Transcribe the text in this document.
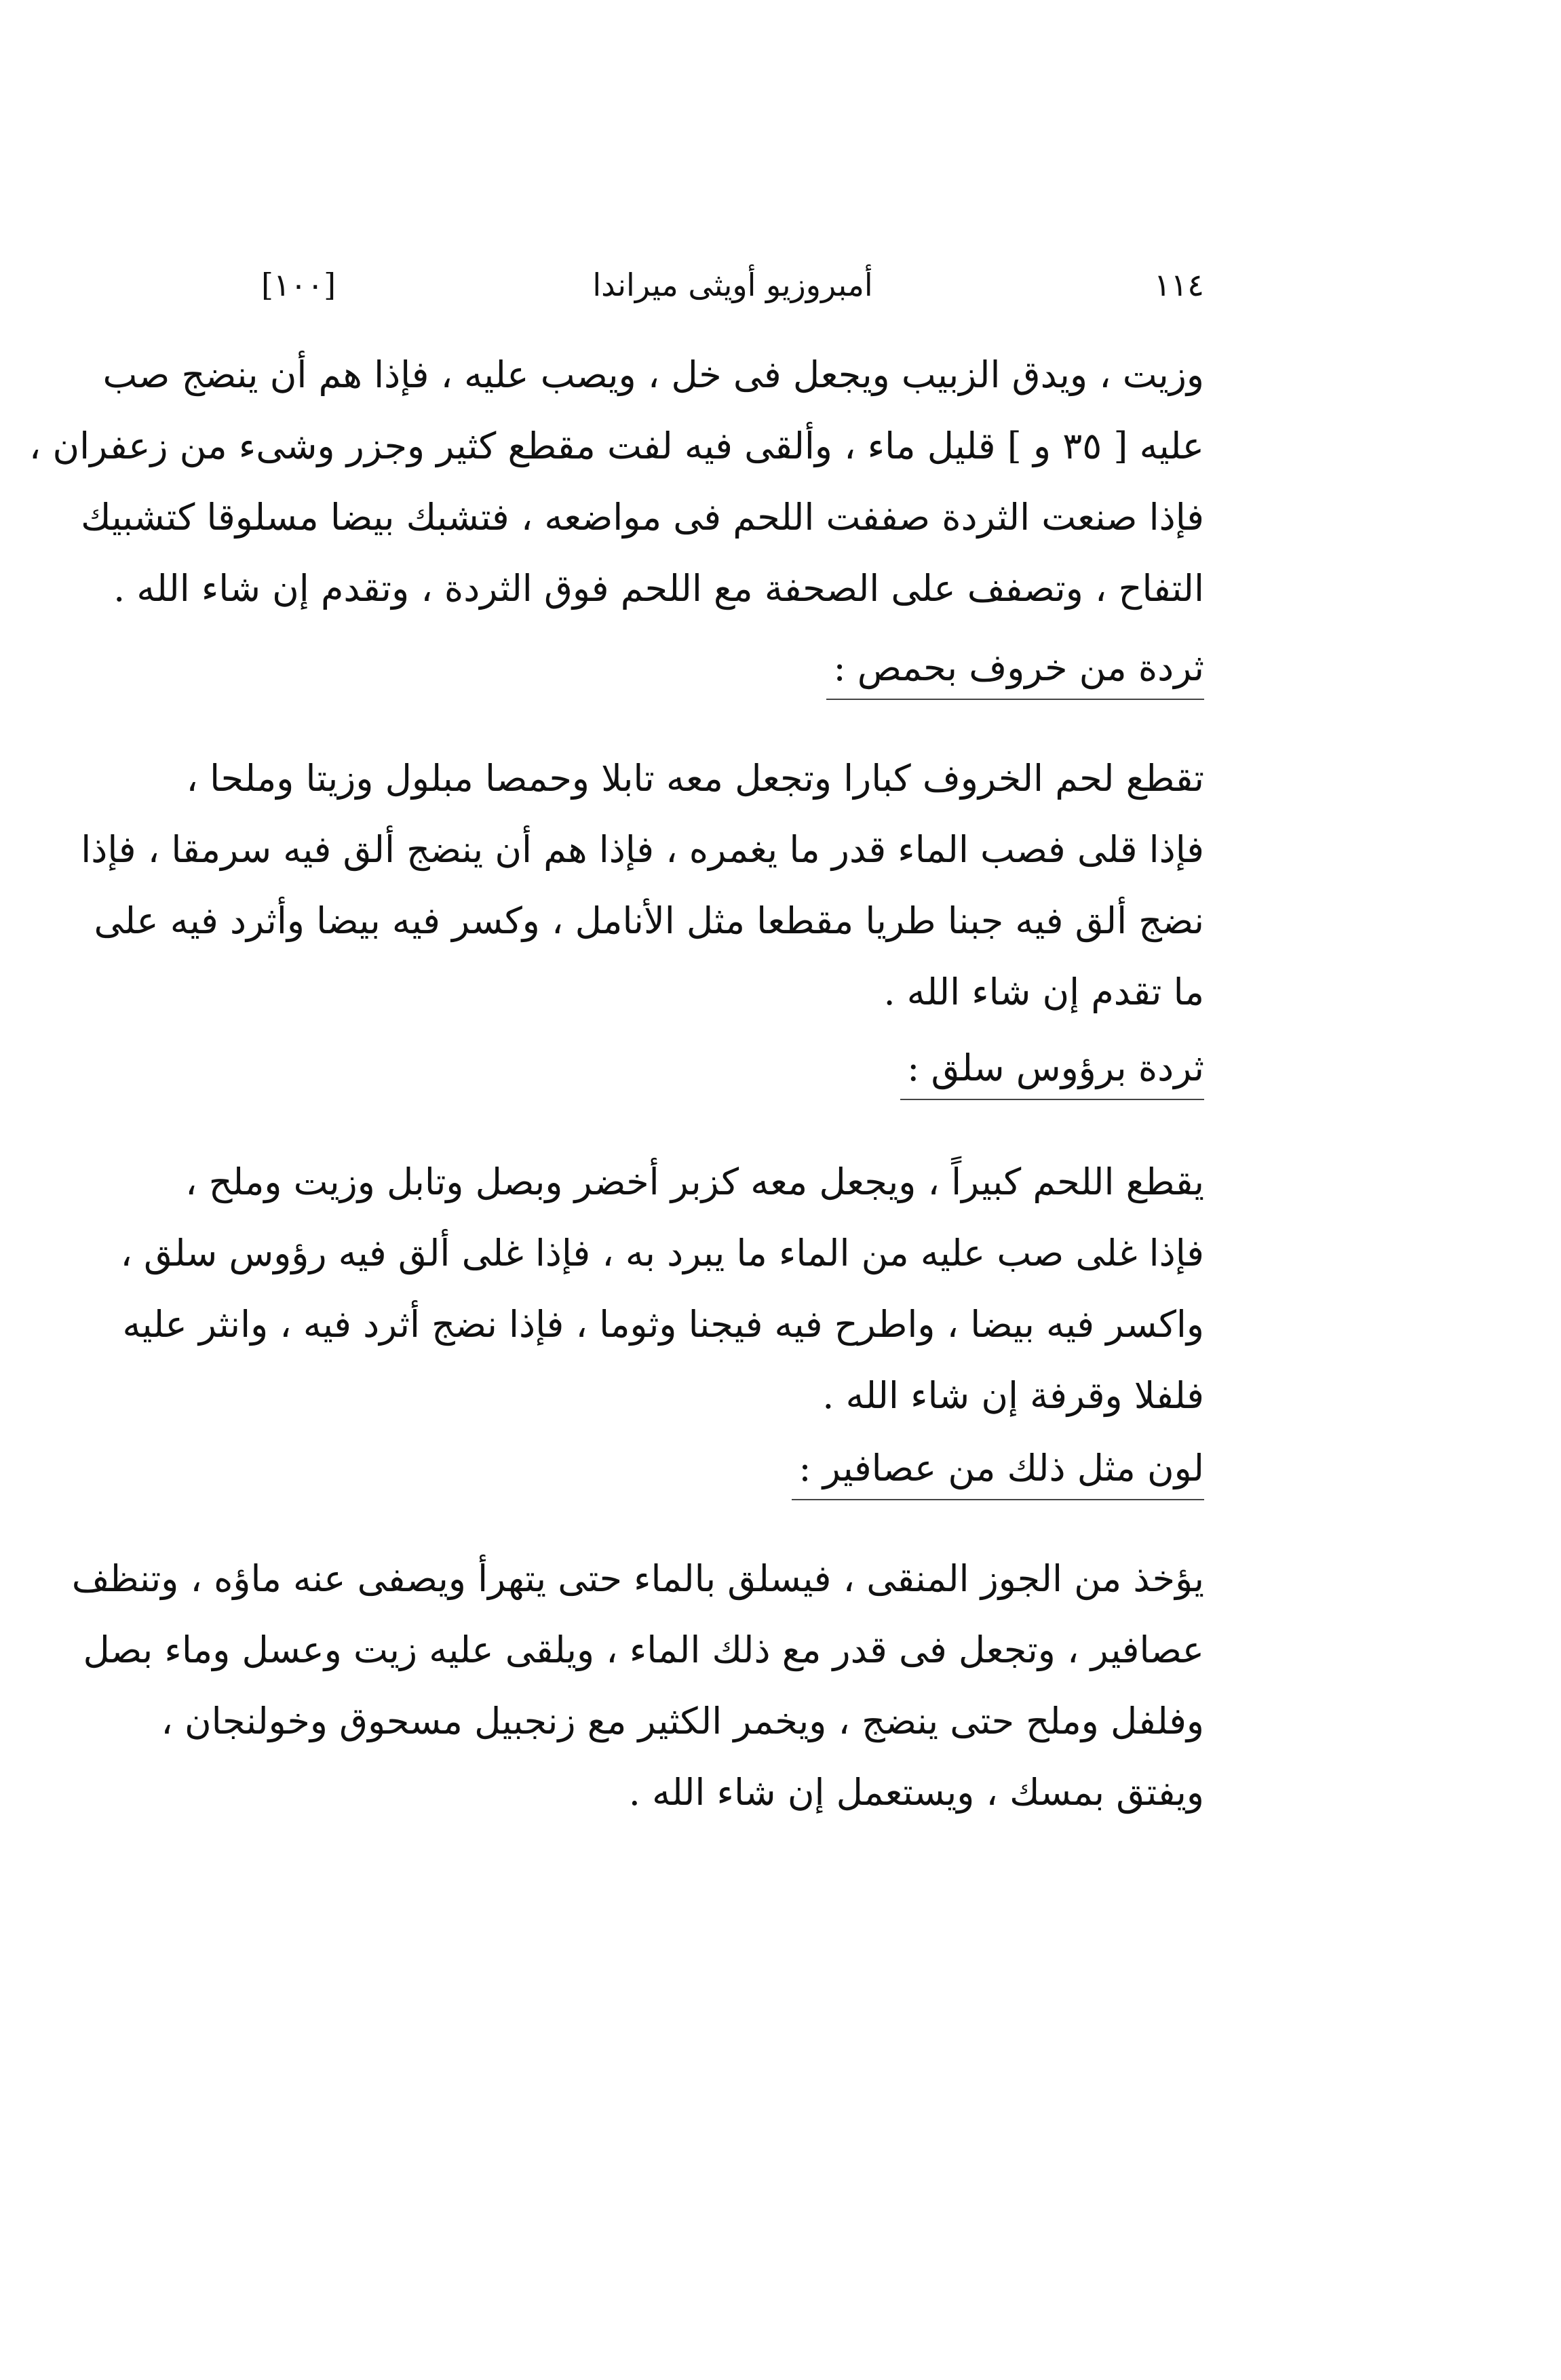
١١٤
أمبروزيو أويثى ميراندا
[١٠٠]
وزيت ، ويدق الزبيب ويجعل فى خل ، ويصب عليه ، فإذا هم أن ينضج صب
عليه [ ٣٥ و ] قليل ماء ، وألقى فيه لفت مقطع كثير وجزر وشىء من زعفران ،
فإذا صنعت الثردة صففت اللحم فى مواضعه ، فتشبك بيضا مسلوقا كتشبيك
التفاح ، وتصفف على الصحفة مع اللحم فوق الثردة ، وتقدم إن شاء الله .
ثردة من خروف بحمص :
تقطع لحم الخروف كبارا وتجعل معه تابلا وحمصا مبلول وزيتا وملحا ،
فإذا قلى فصب الماء قدر ما يغمره ، فإذا هم أن ينضج ألق فيه سرمقا ، فإذا
نضج ألق فيه جبنا طريا مقطعا مثل الأنامل ، وكسر فيه بيضا وأثرد فيه على
ما تقدم إن شاء الله .
ثردة برؤوس سلق :
يقطع اللحم كبيراً ، ويجعل معه كزبر أخضر وبصل وتابل وزيت وملح ،
فإذا غلى صب عليه من الماء ما يبرد به ، فإذا غلى ألق فيه رؤوس سلق ،
واكسر فيه بيضا ، واطرح فيه فيجنا وثوما ، فإذا نضج أثرد فيه ، وانثر عليه
فلفلا وقرفة إن شاء الله .
لون مثل ذلك من عصافير :
يؤخذ من الجوز المنقى ، فيسلق بالماء حتى يتهرأ ويصفى عنه ماؤه ، وتنظف
عصافير ، وتجعل فى قدر مع ذلك الماء ، ويلقى عليه زيت وعسل وماء بصل
وفلفل وملح حتى ينضج ، ويخمر الكثير مع زنجبيل مسحوق وخولنجان ،
ويفتق بمسك ، ويستعمل إن شاء الله .
